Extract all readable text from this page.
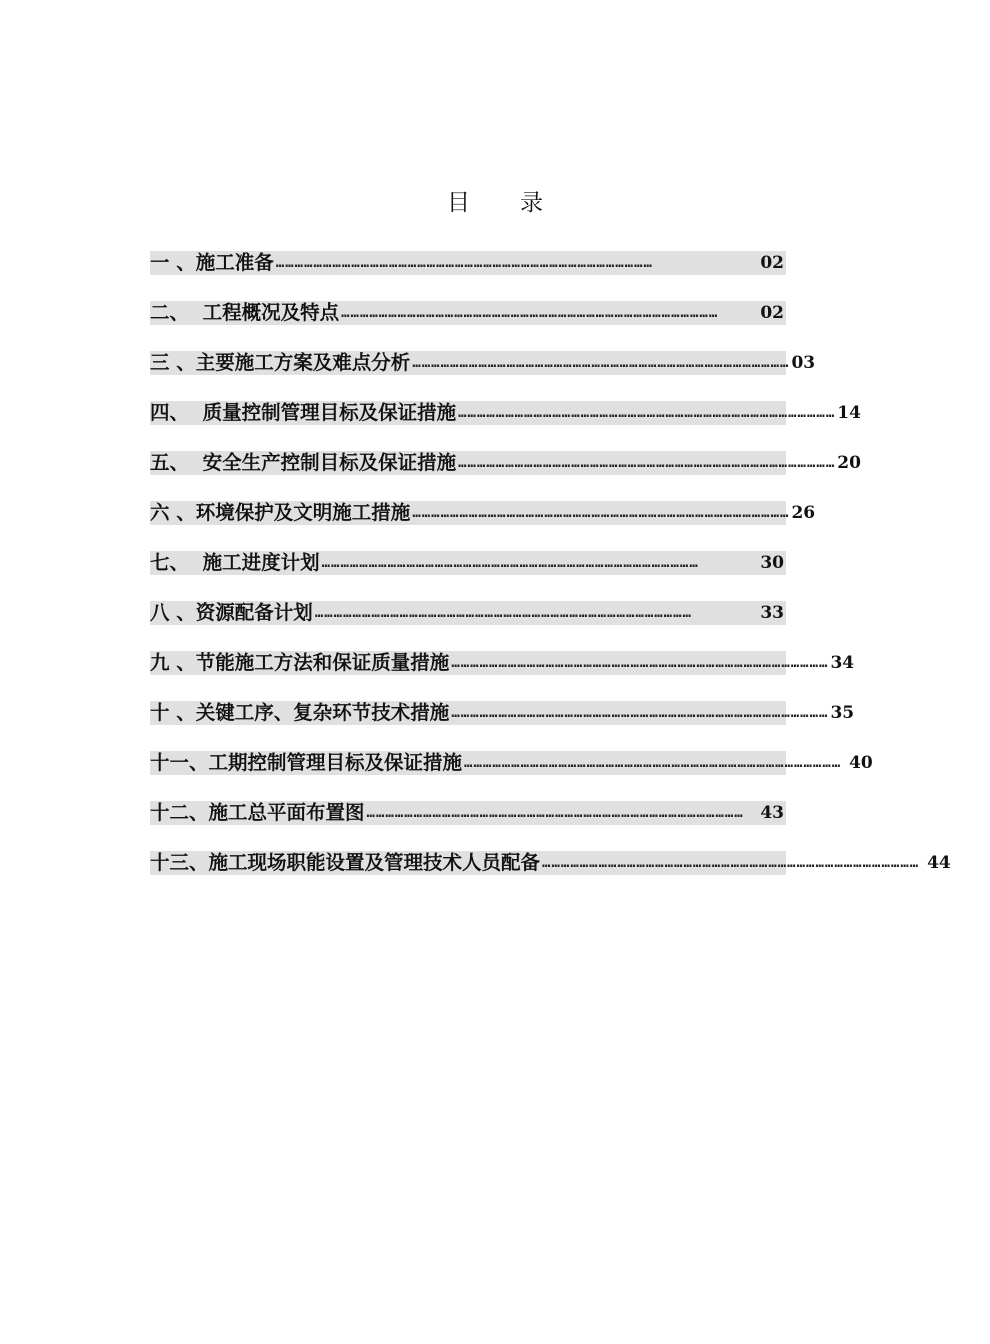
目 录
一 、 施工准备 …………………………………………………………………………………………………………	02
二、 工程概况及特点 …………………………………………………………………………………………………………	02
三 、 主要施工方案及难点分析 ………………………………………………………………………………………………………… 03
四、 质量控制管理目标及保证措施 ………………………………………………………………………………………………………… 14
五、 安全生产控制目标及保证措施 ………………………………………………………………………………………………………… 20
六 、 环境保护及文明施工措施 ………………………………………………………………………………………………………… 26
七、 施工进度计划 …………………………………………………………………………………………………………	30
八 、 资源配备计划 …………………………………………………………………………………………………………	33
九 、 节能施工方法和保证质量措施 ………………………………………………………………………………………………………… 34
十 、 关键工序、复杂环节技术措施 ………………………………………………………………………………………………………… 35
十一、 工期控制管理目标及保证措施 ………………………………………………………………………………………………………… 40
十二、 施工总平面布置图 ………………………………………………………………………………………………………… 43
十三、 施工现场职能设置及管理技术人员配备 ………………………………………………………………………………………………………… 44
